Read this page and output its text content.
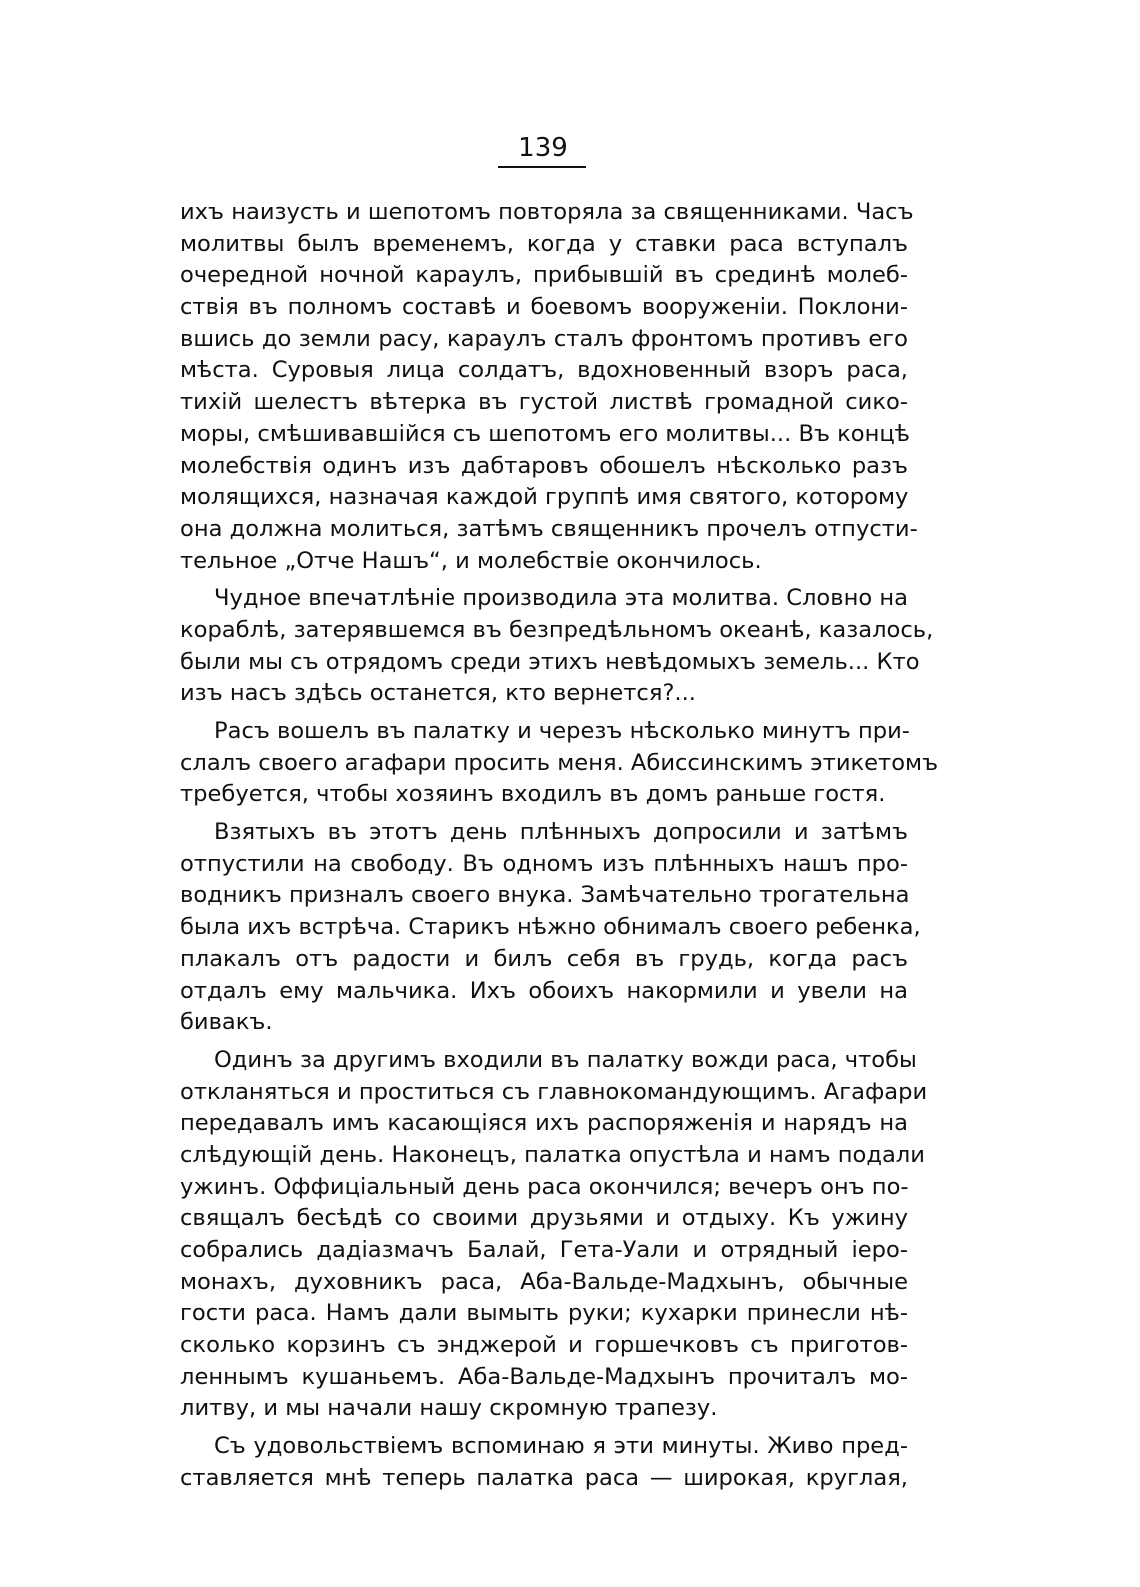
139
ихъ наизусть и шепотомъ повторяла за священниками. Часъ
молитвы былъ временемъ, когда у ставки раса вступалъ
очередной ночной караулъ, прибывшій въ срединѣ молеб-
ствія въ полномъ составѣ и боевомъ вооруженіи. Поклони-
вшись до земли расу, караулъ сталъ фронтомъ противъ его
мѣста. Суровыя лица солдатъ, вдохновенный взоръ раса,
тихій шелестъ вѣтерка въ густой листвѣ громадной сико-
моры, смѣшивавшійся съ шепотомъ его молитвы... Въ концѣ
молебствія одинъ изъ дабтаровъ обошелъ нѣсколько разъ
молящихся, назначая каждой группѣ имя святого, которому
она должна молиться, затѣмъ священникъ прочелъ отпусти-
тельное „Отче Нашъ“, и молебствіе окончилось.
Чудное впечатлѣніе производила эта молитва. Словно на
кораблѣ, затерявшемся въ безпредѣльномъ океанѣ, казалось,
были мы съ отрядомъ среди этихъ невѣдомыхъ земель... Кто
изъ насъ здѣсь останется, кто вернется?...
Расъ вошелъ въ палатку и черезъ нѣсколько минутъ при-
слалъ своего агафари просить меня. Абиссинскимъ этикетомъ
требуется, чтобы хозяинъ входилъ въ домъ раньше гостя.
Взятыхъ въ этотъ день плѣнныхъ допросили и затѣмъ
отпустили на свободу. Въ одномъ изъ плѣнныхъ нашъ про-
водникъ призналъ своего внука. Замѣчательно трогательна
была ихъ встрѣча. Старикъ нѣжно обнималъ своего ребенка,
плакалъ отъ радости и билъ себя въ грудь, когда расъ
отдалъ ему мальчика. Ихъ обоихъ накормили и увели на
бивакъ.
Одинъ за другимъ входили въ палатку вожди раса, чтобы
откланяться и проститься съ главнокомандующимъ. Агафари
передавалъ имъ касающіяся ихъ распоряженія и нарядъ на
слѣдующій день. Наконецъ, палатка опустѣла и намъ подали
ужинъ. Оффиціальный день раса окончился; вечеръ онъ по-
свящалъ бесѣдѣ со своими друзьями и отдыху. Къ ужину
собрались дадіазмачъ Балай, Гета-Уали и отрядный іеро-
монахъ, духовникъ раса, Аба-Вальде-Мадхынъ, обычные
гости раса. Намъ дали вымыть руки; кухарки принесли нѣ-
сколько корзинъ съ энджерой и горшечковъ съ приготов-
леннымъ кушаньемъ. Аба-Вальде-Мадхынъ прочиталъ мо-
литву, и мы начали нашу скромную трапезу.
Съ удовольствіемъ вспоминаю я эти минуты. Живо пред-
ставляется мнѣ теперь палатка раса — широкая, круглая,
